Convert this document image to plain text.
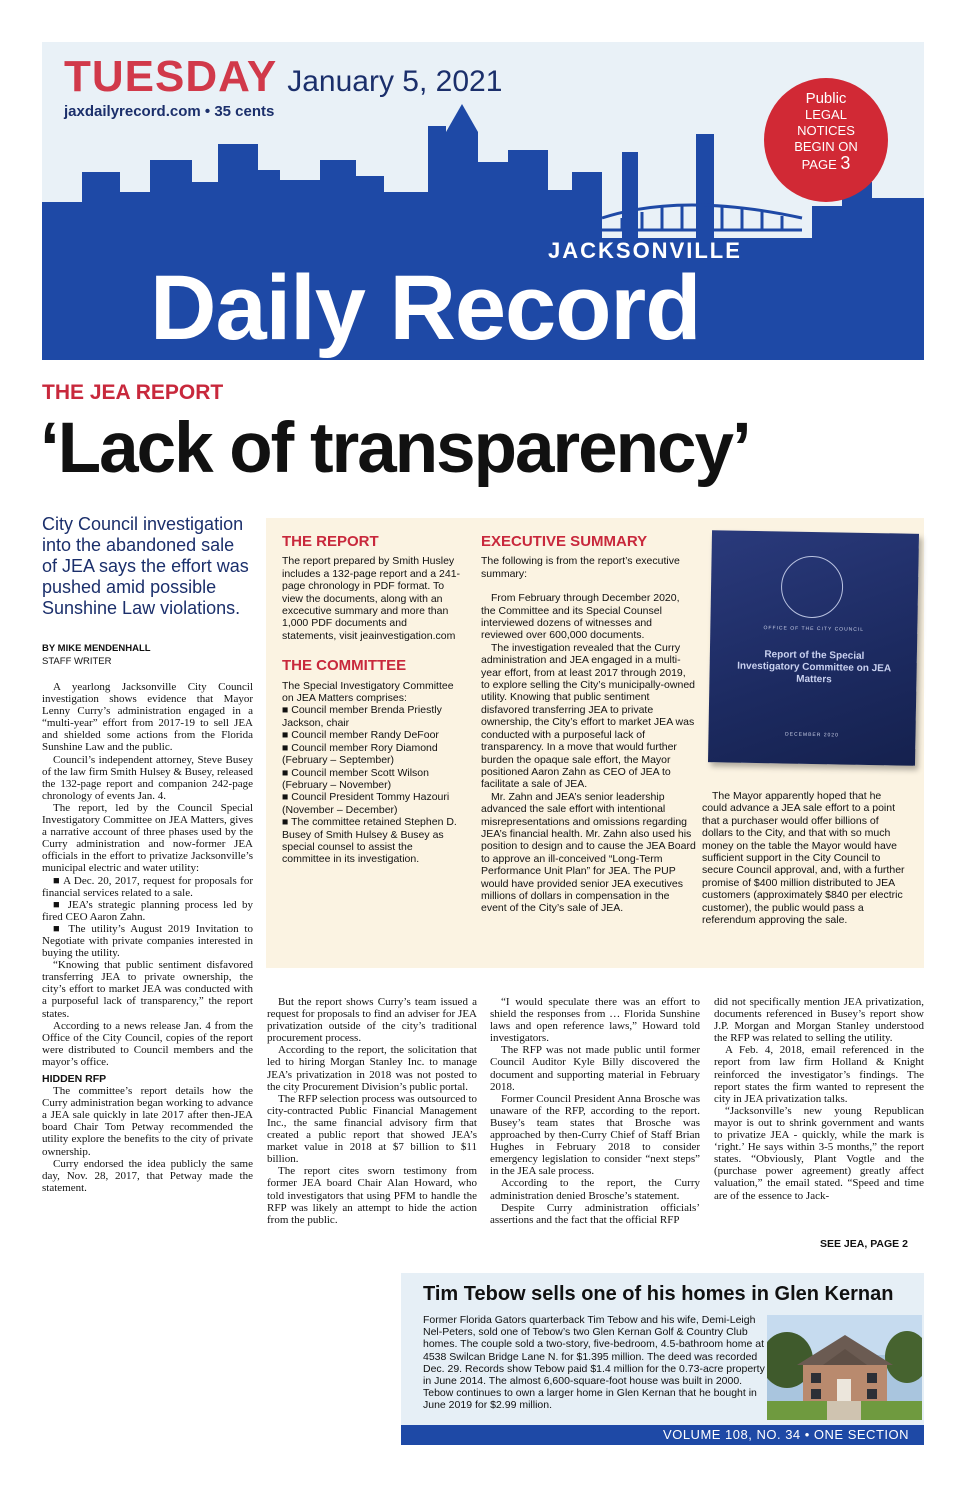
TUESDAY January 5, 2021
jaxdailyrecord.com • 35 cents
Public
LEGAL
NOTICES
BEGIN ON
PAGE 3
JACKSONVILLE
Daily Record
THE JEA REPORT
‘Lack of transparency’
City Council investigation into the abandoned sale of JEA says the effort was pushed amid possible Sunshine Law violations.
BY MIKE MENDENHALL
STAFF WRITER

A yearlong Jacksonville City Council investigation shows evidence that Mayor Lenny Curry’s administration engaged in a “multi-year” effort from 2017-19 to sell JEA and shielded some actions from the Florida Sunshine Law and the public.

Council’s independent attorney, Steve Busey of the law firm Smith Hulsey & Busey, released the 132-page report and companion 242-page chronology of events Jan. 4.

The report, led by the Council Special Investigatory Committee on JEA Matters, gives a narrative account of three phases used by the Curry administration and now-former JEA officials in the effort to privatize Jacksonville’s municipal electric and water utility:

■ A Dec. 20, 2017, request for proposals for financial services related to a sale.

■ JEA’s strategic planning process led by fired CEO Aaron Zahn.

■ The utility’s August 2019 Invitation to Negotiate with private companies interested in buying the utility.

“Knowing that public sentiment disfavored transferring JEA to private ownership, the city’s effort to market JEA was conducted with a purposeful lack of transparency,” the report states.

According to a news release Jan. 4 from the Office of the City Council, copies of the report were distributed to Council members and the mayor’s office.

HIDDEN RFP

The committee’s report details how the Curry administration began working to advance a JEA sale quickly in late 2017 after then-JEA board Chair Tom Petway recommended the utility explore the benefits to the city of private ownership.

Curry endorsed the idea publicly the same day, Nov. 28, 2017, that Petway made the statement.

THE REPORT

The report prepared by Smith Husley includes a 132-page report and a 241-page chronology in PDF format. To view the documents, along with an excecutive summary and more than 1,000 PDF documents and statements, visit jeainvestigation.com

THE COMMITTEE

The Special Investigatory Committee on JEA Matters comprises:

■ Council member Brenda Priestly Jackson, chair

■ Council member Randy DeFoor

■ Council member Rory Diamond (February – September)

■ Council member Scott Wilson (February – November)

■ Council President Tommy Hazouri (November – December)

■ The committee retained Stephen D. Busey of Smith Hulsey & Busey as special counsel to assist the committee in its investigation.

EXECUTIVE SUMMARY

The following is from the report’s executive summary:

From February through December 2020, the Committee and its Special Counsel interviewed dozens of witnesses and reviewed over 600,000 documents.

The investigation revealed that the Curry administration and JEA engaged in a multi-year effort, from at least 2017 through 2019, to explore selling the City’s municipally-owned utility. Knowing that public sentiment disfavored transferring JEA to private ownership, the City’s effort to market JEA was conducted with a purposeful lack of transparency. In a move that would further burden the opaque sale effort, the Mayor positioned Aaron Zahn as CEO of JEA to facilitate a sale of JEA.

Mr. Zahn and JEA’s senior leadership advanced the sale effort with intentional misrepresentations and omissions regarding JEA’s financial health. Mr. Zahn also used his position to design and to cause the JEA Board to approve an ill-conceived “Long-Term Performance Unit Plan” for JEA. The PUP would have provided senior JEA executives millions of dollars in compensation in the event of the City’s sale of JEA.

OFFICE OF THE CITY COUNCIL
Report of the Special Investigatory Committee on JEA Matters
DECEMBER 2020

The Mayor apparently hoped that he could advance a JEA sale effort to a point that a purchaser would offer billions of dollars to the City, and that with so much money on the table the Mayor would have sufficient support in the City Council to secure Council approval, and, with a further promise of $400 million distributed to JEA customers (approximately $840 per electric customer), the public would pass a referendum approving the sale.

But the report shows Curry’s team issued a request for proposals to find an adviser for JEA privatization outside of the city’s traditional procurement process.

According to the report, the solicitation that led to hiring Morgan Stanley Inc. to manage JEA’s privatization in 2018 was not posted to the city Procurement Division’s public portal.

The RFP selection process was outsourced to city-contracted Public Financial Management Inc., the same financial advisory firm that created a public report that showed JEA’s market value in 2018 at $7 billion to $11 billion.

The report cites sworn testimony from former JEA board Chair Alan Howard, who told investigators that using PFM to handle the RFP was likely an attempt to hide the action from the public.

“I would speculate there was an effort to shield the responses from … Florida Sunshine laws and open reference laws,” Howard told investigators.

The RFP was not made public until former Council Auditor Kyle Billy discovered the document and supporting material in February 2018.

Former Council President Anna Brosche was unaware of the RFP, according to the report. Busey’s team states that Brosche was approached by then-Curry Chief of Staff Brian Hughes in February 2018 to consider emergency legislation to consider “next steps” in the JEA sale process.

According to the report, the Curry administration denied Brosche’s statement.

Despite Curry administration officials’ assertions and the fact that the official RFP

did not specifically mention JEA privatization, documents referenced in Busey’s report show J.P. Morgan and Morgan Stanley understood the RFP was related to selling the utility.

A Feb. 4, 2018, email referenced in the report from law firm Holland & Knight reinforced the investigator’s findings. The report states the firm wanted to represent the city in JEA privatization talks.

“Jacksonville’s new young Republican mayor is out to shrink government and wants to privatize JEA - quickly, while the mark is ‘right.’ He says within 3-5 months,” the report states. “Obviously, Plant Vogtle and the (purchase power agreement) greatly affect valuation,” the email stated. “Speed and time are of the essence to Jack-

SEE JEA, PAGE 2
Tim Tebow sells one of his homes in Glen Kernan

Former Florida Gators quarterback Tim Tebow and his wife, Demi-Leigh Nel-Peters, sold one of Tebow’s two Glen Kernan Golf & Country Club homes. The couple sold a two-story, five-bedroom, 4.5-bathroom home at 4538 Swilcan Bridge Lane N. for $1.395 million. The deed was recorded Dec. 29. Records show Tebow paid $1.4 million for the 0.73-acre property in June 2014. The almost 6,600-square-foot house was built in 2000. Tebow continues to own a larger home in Glen Kernan that he bought in June 2019 for $2.99 million.

VOLUME 108, NO. 34 • ONE SECTION
